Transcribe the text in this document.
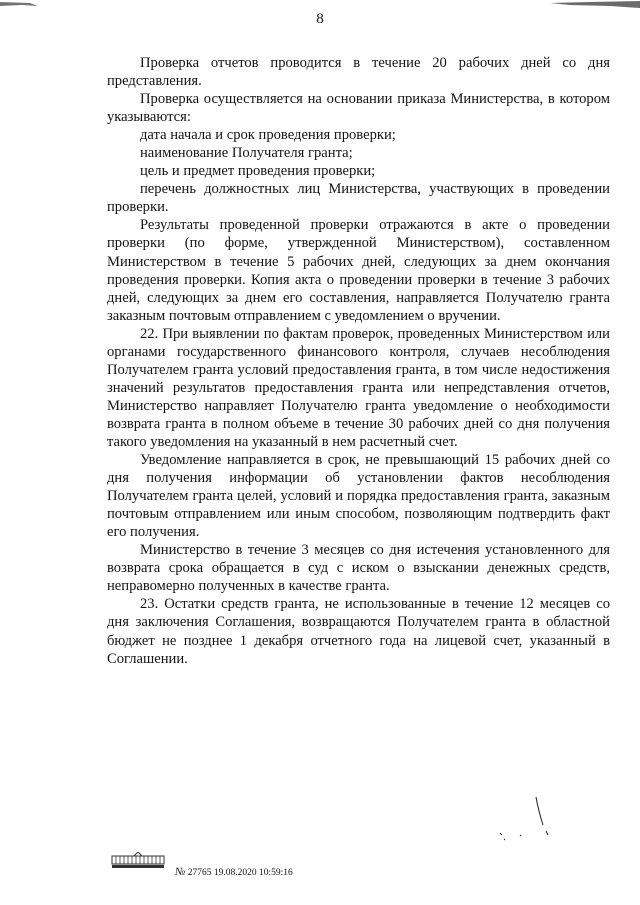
8

Проверка отчетов проводится в течение 20 рабочих дней со дня представления.

Проверка осуществляется на основании приказа Министерства, в котором указываются:

дата начала и срок проведения проверки;

наименование Получателя гранта;

цель и предмет проведения проверки;

перечень должностных лиц Министерства, участвующих в проведении проверки.

Результаты проведенной проверки отражаются в акте о проведении проверки (по форме, утвержденной Министерством), составленном Министерством в течение 5 рабочих дней, следующих за днем окончания проведения проверки. Копия акта о проведении проверки в течение 3 рабочих дней, следующих за днем его составления, направляется Получателю гранта заказным почтовым отправлением с уведомлением о вручении.

22. При выявлении по фактам проверок, проведенных Министерством или органами государственного финансового контроля, случаев несоблюдения Получателем гранта условий предоставления гранта, в том числе недостижения значений результатов предоставления гранта или непредставления отчетов, Министерство направляет Получателю гранта уведомление о необходимости возврата гранта в полном объеме в течение 30 рабочих дней со дня получения такого уведомления на указанный в нем расчетный счет.

Уведомление направляется в срок, не превышающий 15 рабочих дней со дня получения информации об установлении фактов несоблюдения Получателем гранта целей, условий и порядка предоставления гранта, заказным почтовым отправлением или иным способом, позволяющим подтвердить факт его получения.

Министерство в течение 3 месяцев со дня истечения установленного для возврата срока обращается в суд с иском о взыскании денежных средств, неправомерно полученных в качестве гранта.

23. Остатки средств гранта, не использованные в течение 12 месяцев со дня заключения Соглашения, возвращаются Получателем гранта в областной бюджет не позднее 1 декабря отчетного года на лицевой счет, указанный в Соглашении.

№ 27765 19.08.2020 10:59:16
